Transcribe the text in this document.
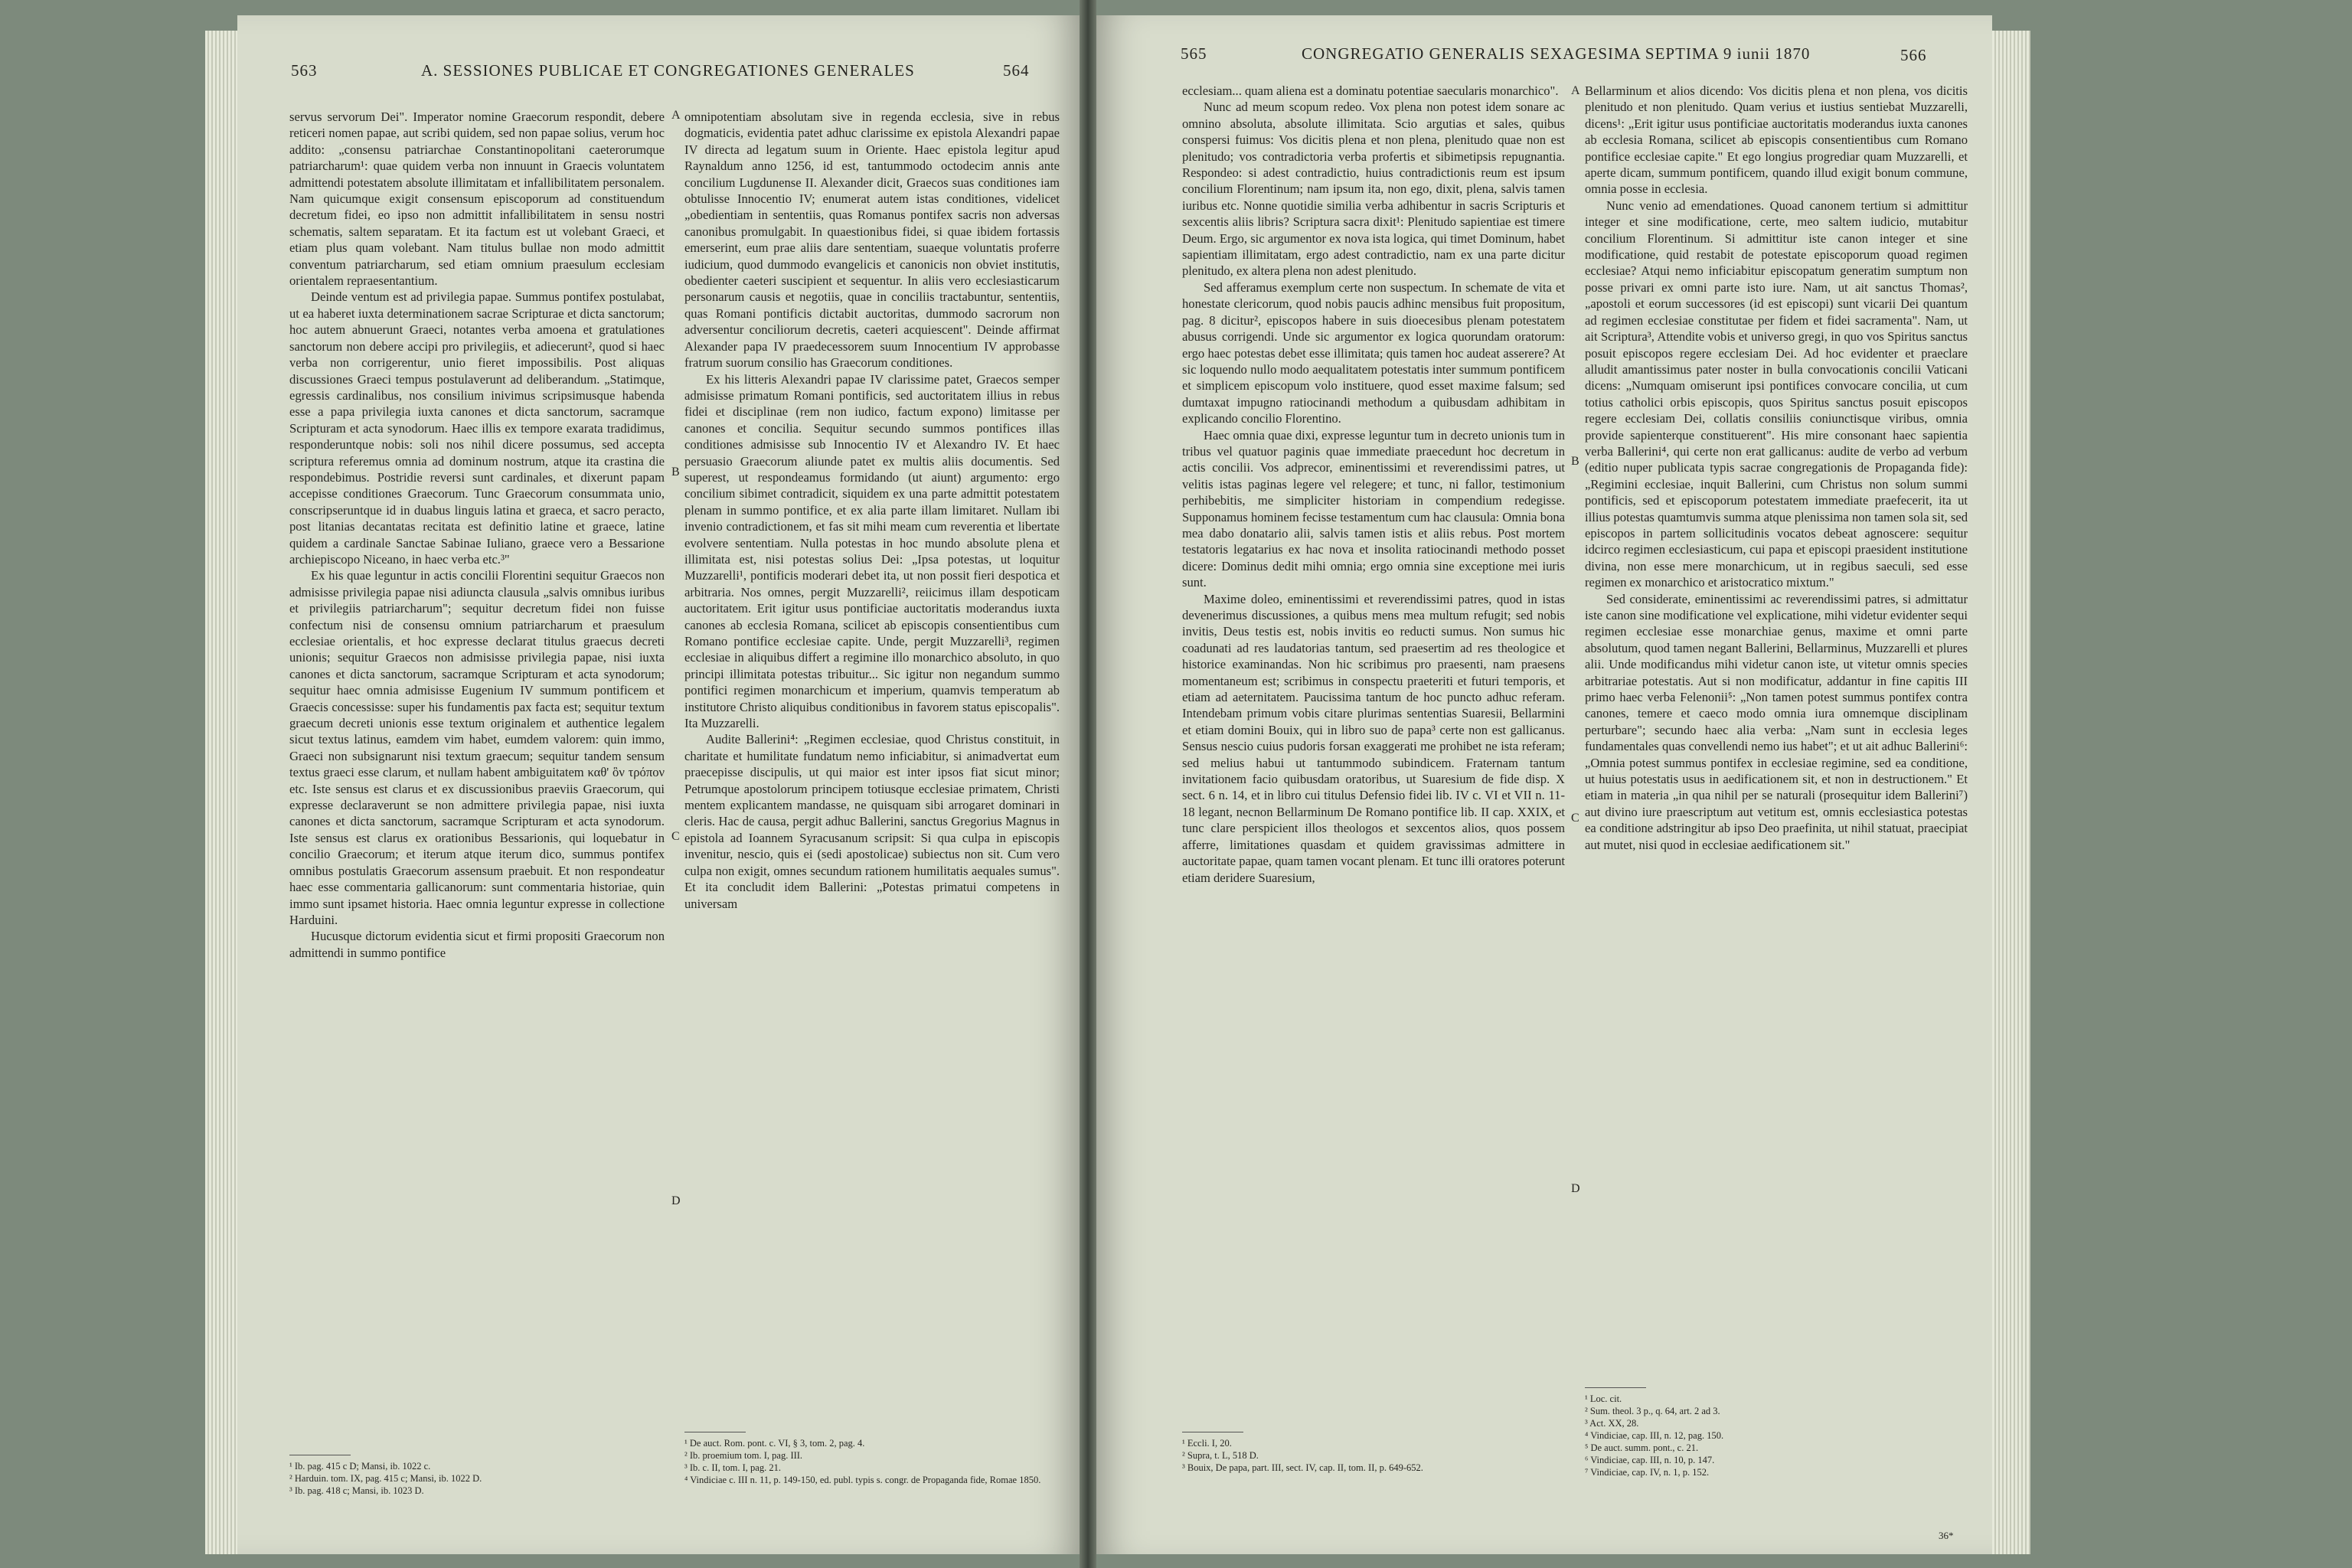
563	A. SESSIONES PUBLICAE ET CONGREGATIONES GENERALES	564

servus servorum Dei". Imperator nomine Graecorum respondit, debere reticeri nomen papae, aut scribi quidem, sed non papae solius, verum hoc addito: „consensu patriarchae Constantinopolitani caeterorumque patriarcharum¹: quae quidem verba non innuunt in Graecis voluntatem admittendi potestatem absolute illimitatam et infallibilitatem personalem. Nam quicumque exigit consensum episcoporum ad constituendum decretum fidei, eo ipso non admittit infallibilitatem in sensu nostri schematis, saltem separatam. Et ita factum est ut volebant Graeci, et etiam plus quam volebant. Nam titulus bullae non modo admittit conventum patriarcharum, sed etiam omnium praesulum ecclesiam orientalem repraesentantium.

Deinde ventum est ad privilegia papae. Summus pontifex postulabat, ut ea haberet iuxta determinationem sacrae Scripturae et dicta sanctorum; hoc autem abnuerunt Graeci, notantes verba amoena et gratulationes sanctorum non debere accipi pro privilegiis, et adiecerunt², quod si haec verba non corrigerentur, unio fieret impossibilis. Post aliquas discussiones Graeci tempus postulaverunt ad deliberandum. „Statimque, egressis cardinalibus, nos consilium inivimus scripsimusque habenda esse a papa privilegia iuxta canones et dicta sanctorum, sacramque Scripturam et acta synodorum. Haec illis ex tempore exarata tradidimus, responderuntque nobis: soli nos nihil dicere possumus, sed accepta scriptura referemus omnia ad dominum nostrum, atque ita crastina die respondebimus. Postridie reversi sunt cardinales, et dixerunt papam accepisse conditiones Graecorum. Tunc Graecorum consummata unio, conscripseruntque id in duabus linguis latina et graeca, et sacro peracto, post litanias decantatas recitata est definitio latine et graece, latine quidem a cardinale Sanctae Sabinae Iuliano, graece vero a Bessarione archiepiscopo Niceano, in haec verba etc.³"

Ex his quae leguntur in actis concilii Florentini sequitur Graecos non admisisse privilegia papae nisi adiuncta clausula „salvis omnibus iuribus et privilegiis patriarcharum"; sequitur decretum fidei non fuisse confectum nisi de consensu omnium patriarcharum et praesulum ecclesiae orientalis, et hoc expresse declarat titulus graecus decreti unionis; sequitur Graecos non admisisse privilegia papae, nisi iuxta canones et dicta sanctorum, sacramque Scripturam et acta synodorum; sequitur haec omnia admisisse Eugenium IV summum pontificem et Graecis concessisse: super his fundamentis pax facta est; sequitur textum graecum decreti unionis esse textum originalem et authentice legalem sicut textus latinus, eamdem vim habet, eumdem valorem: quin immo, Graeci non subsignarunt nisi textum graecum; sequitur tandem sensum textus graeci esse clarum, et nullam habent ambiguitatem καθ' ὃν τρόπον etc. Iste sensus est clarus et ex discussionibus praeviis Graecorum, qui expresse declaraverunt se non admittere privilegia papae, nisi iuxta canones et dicta sanctorum, sacramque Scripturam et acta synodorum. Iste sensus est clarus ex orationibus Bessarionis, qui loquebatur in concilio Graecorum; et iterum atque iterum dico, summus pontifex omnibus postulatis Graecorum assensum praebuit. Et non respondeatur haec esse commentaria gallicanorum: sunt commentaria historiae, quin immo sunt ipsamet historia. Haec omnia leguntur expresse in collectione Harduini.

Hucusque dictorum evidentia sicut et firmi propositi Graecorum non admittendi in summo pontifice

¹ Ib. pag. 415 c D; Mansi, ib. 1022 c.
² Harduin. tom. IX, pag. 415 c; Mansi, ib. 1022 D.
³ Ib. pag. 418 c; Mansi, ib. 1023 D.
A
B
C
D

omnipotentiam absolutam sive in regenda ecclesia, sive in rebus dogmaticis, evidentia patet adhuc clarissime ex epistola Alexandri papae IV directa ad legatum suum in Oriente. Haec epistola legitur apud Raynaldum anno 1256, id est, tantummodo octodecim annis ante concilium Lugdunense II. Alexander dicit, Graecos suas conditiones iam obtulisse Innocentio IV; enumerat autem istas conditiones, videlicet „obedientiam in sententiis, quas Romanus pontifex sacris non adversas canonibus promulgabit. In quaestionibus fidei, si quae ibidem fortassis emerserint, eum prae aliis dare sententiam, suaeque voluntatis proferre iudicium, quod dummodo evangelicis et canonicis non obviet institutis, obedienter caeteri suscipient et sequentur. In aliis vero ecclesiasticarum personarum causis et negotiis, quae in conciliis tractabuntur, sententiis, quas Romani pontificis dictabit auctoritas, dummodo sacrorum non adversentur conciliorum decretis, caeteri acquiescent". Deinde affirmat Alexander papa IV praedecessorem suum Innocentium IV approbasse fratrum suorum consilio has Graecorum conditiones.

Ex his litteris Alexandri papae IV clarissime patet, Graecos semper admisisse primatum Romani pontificis, sed auctoritatem illius in rebus fidei et disciplinae (rem non iudico, factum expono) limitasse per canones et concilia. Sequitur secundo summos pontifices illas conditiones admisisse sub Innocentio IV et Alexandro IV. Et haec persuasio Graecorum aliunde patet ex multis aliis documentis. Sed superest, ut respondeamus formidando (ut aiunt) argumento: ergo concilium sibimet contradicit, siquidem ex una parte admittit potestatem plenam in summo pontifice, et ex alia parte illam limitaret. Nullam ibi invenio contradictionem, et fas sit mihi meam cum reverentia et libertate evolvere sententiam. Nulla potestas in hoc mundo absolute plena et illimitata est, nisi potestas solius Dei: „Ipsa potestas, ut loquitur Muzzarelli¹, pontificis moderari debet ita, ut non possit fieri despotica et arbitraria. Nos omnes, pergit Muzzarelli², reiicimus illam despoticam auctoritatem. Erit igitur usus pontificiae auctoritatis moderandus iuxta canones ab ecclesia Romana, scilicet ab episcopis consentientibus cum Romano pontifice ecclesiae capite. Unde, pergit Muzzarelli³, regimen ecclesiae in aliquibus differt a regimine illo monarchico absoluto, in quo principi illimitata potestas tribuitur... Sic igitur non negandum summo pontifici regimen monarchicum et imperium, quamvis temperatum ab institutore Christo aliquibus conditionibus in favorem status episcopalis". Ita Muzzarelli.

Audite Ballerini⁴: „Regimen ecclesiae, quod Christus constituit, in charitate et humilitate fundatum nemo inficiabitur, si animadvertat eum praecepisse discipulis, ut qui maior est inter ipsos fiat sicut minor; Petrumque apostolorum principem totiusque ecclesiae primatem, Christi mentem explicantem mandasse, ne quisquam sibi arrogaret dominari in cleris. Hac de causa, pergit adhuc Ballerini, sanctus Gregorius Magnus in epistola ad Ioannem Syracusanum scripsit: Si qua culpa in episcopis invenitur, nescio, quis ei (sedi apostolicae) subiectus non sit. Cum vero culpa non exigit, omnes secundum rationem humilitatis aequales sumus". Et ita concludit idem Ballerini: „Potestas primatui competens in universam

¹ De auct. Rom. pont. c. VI, § 3, tom. 2, pag. 4.
² Ib. proemium tom. I, pag. III.
³ Ib. c. II, tom. I, pag. 21.
⁴ Vindiciae c. III n. 11, p. 149-150, ed. publ. typis s. congr. de Propaganda fide, Romae 1850.
565	CONGREGATIO GENERALIS SEXAGESIMA SEPTIMA 9 iunii 1870	566

ecclesiam... quam aliena est a dominatu potentiae saecularis monarchico".

Nunc ad meum scopum redeo. Vox plena non potest idem sonare ac omnino absoluta, absolute illimitata. Scio argutias et sales, quibus conspersi fuimus: Vos dicitis plena et non plena, plenitudo quae non est plenitudo; vos contradictoria verba profertis et sibimetipsis repugnantia. Respondeo: si adest contradictio, huius contradictionis reum est ipsum concilium Florentinum; nam ipsum ita, non ego, dixit, plena, salvis tamen iuribus etc. Nonne quotidie similia verba adhibentur in sacris Scripturis et sexcentis aliis libris? Scriptura sacra dixit¹: Plenitudo sapientiae est timere Deum. Ergo, sic argumentor ex nova ista logica, qui timet Dominum, habet sapientiam illimitatam, ergo adest contradictio, nam ex una parte dicitur plenitudo, ex altera plena non adest plenitudo.

Sed afferamus exemplum certe non suspectum. In schemate de vita et honestate clericorum, quod nobis paucis adhinc mensibus fuit propositum, pag. 8 dicitur², episcopos habere in suis dioecesibus plenam potestatem abusus corrigendi. Unde sic argumentor ex logica quorundam oratorum: ergo haec potestas debet esse illimitata; quis tamen hoc audeat asserere? At sic loquendo nullo modo aequalitatem potestatis inter summum pontificem et simplicem episcopum volo instituere, quod esset maxime falsum; sed dumtaxat impugno ratiocinandi methodum a quibusdam adhibitam in explicando concilio Florentino.

Haec omnia quae dixi, expresse leguntur tum in decreto unionis tum in tribus vel quatuor paginis quae immediate praecedunt hoc decretum in actis concilii. Vos adprecor, eminentissimi et reverendissimi patres, ut velitis istas paginas legere vel relegere; et tunc, ni fallor, testimonium perhibebitis, me simpliciter historiam in compendium redegisse. Supponamus hominem fecisse testamentum cum hac clausula: Omnia bona mea dabo donatario alii, salvis tamen istis et aliis rebus. Post mortem testatoris legatarius ex hac nova et insolita ratiocinandi methodo posset dicere: Dominus dedit mihi omnia; ergo omnia sine exceptione mei iuris sunt.

Maxime doleo, eminentissimi et reverendissimi patres, quod in istas devenerimus discussiones, a quibus mens mea multum refugit; sed nobis invitis, Deus testis est, nobis invitis eo reducti sumus. Non sumus hic coadunati ad res laudatorias tantum, sed praesertim ad res theologice et historice examinandas. Non hic scribimus pro praesenti, nam praesens momentaneum est; scribimus in conspectu praeteriti et futuri temporis, et etiam ad aeternitatem. Paucissima tantum de hoc puncto adhuc referam. Intendebam primum vobis citare plurimas sententias Suaresii, Bellarmini et etiam domini Bouix, qui in libro suo de papa³ certe non est gallicanus. Sensus nescio cuius pudoris forsan exaggerati me prohibet ne ista referam; sed melius habui ut tantummodo subindicem. Fraternam tantum invitationem facio quibusdam oratoribus, ut Suaresium de fide disp. X sect. 6 n. 14, et in libro cui titulus Defensio fidei lib. IV c. VI et VII n. 11-18 legant, necnon Bellarminum De Romano pontifice lib. II cap. XXIX, et tunc clare perspicient illos theologos et sexcentos alios, quos possem afferre, limitationes quasdam et quidem gravissimas admittere in auctoritate papae, quam tamen vocant plenam. Et tunc illi oratores poterunt etiam deridere Suaresium,

¹ Eccli. I, 20.
² Supra, t. L, 518 D.
³ Bouix, De papa, part. III, sect. IV, cap. II, tom. II, p. 649-652.
A
B
C
D

Bellarminum et alios dicendo: Vos dicitis plena et non plena, vos dicitis plenitudo et non plenitudo. Quam verius et iustius sentiebat Muzzarelli, dicens¹: „Erit igitur usus pontificiae auctoritatis moderandus iuxta canones ab ecclesia Romana, scilicet ab episcopis consentientibus cum Romano pontifice ecclesiae capite." Et ego longius progrediar quam Muzzarelli, et aperte dicam, summum pontificem, quando illud exigit bonum commune, omnia posse in ecclesia.

Nunc venio ad emendationes. Quoad canonem tertium si admittitur integer et sine modificatione, certe, meo saltem iudicio, mutabitur concilium Florentinum. Si admittitur iste canon integer et sine modificatione, quid restabit de potestate episcoporum quoad regimen ecclesiae? Atqui nemo inficiabitur episcopatum generatim sumptum non posse privari ex omni parte isto iure. Nam, ut ait sanctus Thomas², „apostoli et eorum successores (id est episcopi) sunt vicarii Dei quantum ad regimen ecclesiae constitutae per fidem et fidei sacramenta". Nam, ut ait Scriptura³, Attendite vobis et universo gregi, in quo vos Spiritus sanctus posuit episcopos regere ecclesiam Dei. Ad hoc evidenter et praeclare alludit amantissimus pater noster in bulla convocationis concilii Vaticani dicens: „Numquam omiserunt ipsi pontifices convocare concilia, ut cum totius catholici orbis episcopis, quos Spiritus sanctus posuit episcopos regere ecclesiam Dei, collatis consiliis coniunctisque viribus, omnia provide sapienterque constituerent". His mire consonant haec sapientia verba Ballerini⁴, qui certe non erat gallicanus: audite de verbo ad verbum (editio nuper publicata typis sacrae congregationis de Propaganda fide): „Regimini ecclesiae, inquit Ballerini, cum Christus non solum summi pontificis, sed et episcoporum potestatem immediate praefecerit, ita ut illius potestas quamtumvis summa atque plenissima non tamen sola sit, sed episcopos in partem sollicitudinis vocatos debeat agnoscere: sequitur idcirco regimen ecclesiasticum, cui papa et episcopi praesident institutione divina, non esse mere monarchicum, ut in regibus saeculi, sed esse regimen ex monarchico et aristocratico mixtum."

Sed considerate, eminentissimi ac reverendissimi patres, si admittatur iste canon sine modificatione vel explicatione, mihi videtur evidenter sequi regimen ecclesiae esse monarchiae genus, maxime et omni parte absolutum, quod tamen negant Ballerini, Bellarminus, Muzzarelli et plures alii. Unde modificandus mihi videtur canon iste, ut vitetur omnis species arbitrariae potestatis. Aut si non modificatur, addantur in fine capitis III primo haec verba Felenonii⁵: „Non tamen potest summus pontifex contra canones, temere et caeco modo omnia iura omnemque disciplinam perturbare"; secundo haec alia verba: „Nam sunt in ecclesia leges fundamentales quas convellendi nemo ius habet"; et ut ait adhuc Ballerini⁶: „Omnia potest summus pontifex in ecclesiae regimine, sed ea conditione, ut huius potestatis usus in aedificationem sit, et non in destructionem." Et etiam in materia „in qua nihil per se naturali (prosequitur idem Ballerini⁷) aut divino iure praescriptum aut vetitum est, omnis ecclesiastica potestas ea conditione adstringitur ab ipso Deo praefinita, ut nihil statuat, praecipiat aut mutet, nisi quod in ecclesiae aedificationem sit."

¹ Loc. cit.
² Sum. theol. 3 p., q. 64, art. 2 ad 3.
³ Act. XX, 28.
⁴ Vindiciae, cap. III, n. 12, pag. 150.
⁵ De auct. summ. pont., c. 21.
⁶ Vindiciae, cap. III, n. 10, p. 147.
⁷ Vindiciae, cap. IV, n. 1, p. 152.
36*
